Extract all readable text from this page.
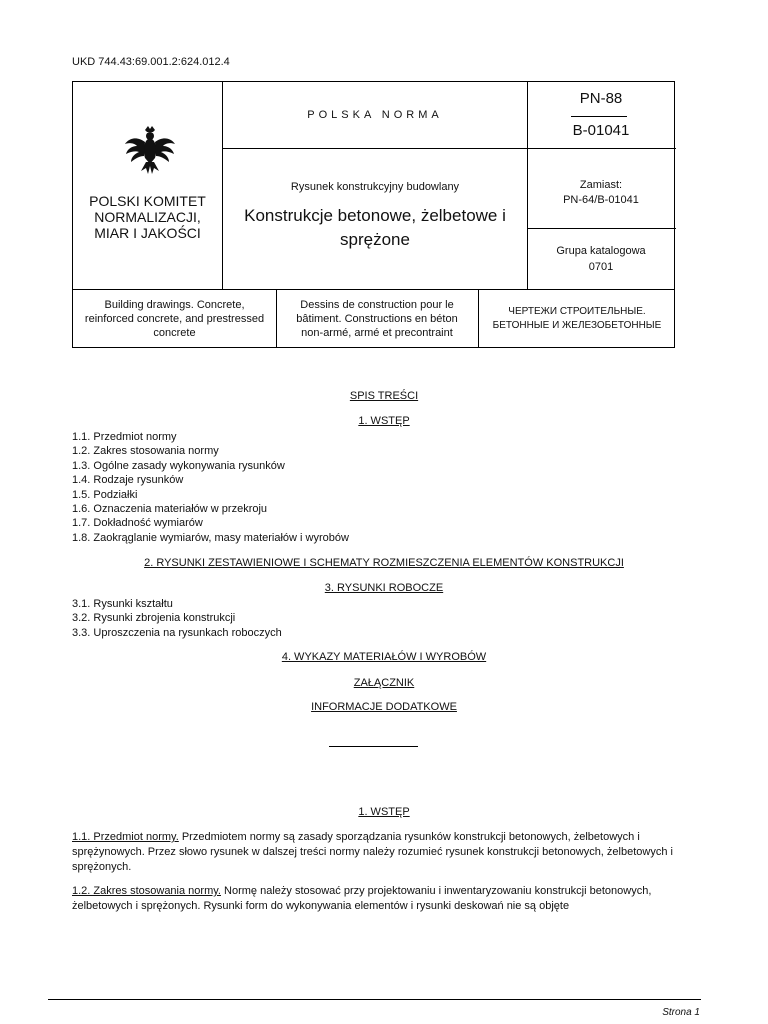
UKD 744.43:69.001.2:624.012.4
POLSKI KOMITET
NORMALIZACJI,
MIAR I JAKOŚCI
POLSKA NORMA
Rysunek konstrukcyjny budowlany
Konstrukcje betonowe, żelbetowe i
sprężone
PN-88
B-01041
Zamiast:
PN-64/B-01041
Grupa katalogowa
0701
Building drawings. Concrete,
reinforced concrete, and prestressed
concrete
Dessins de construction pour le
bâtiment. Constructions en béton
non-armé, armé et precontraint
ЧЕРТЕЖИ СТРОИТЕЛЬНЫЕ.
БЕТОННЫЕ И ЖЕЛЕЗОБЕТОННЫЕ
SPIS TREŚCI
1. WSTĘP
1.1. Przedmiot normy
1.2. Zakres stosowania normy
1.3. Ogólne zasady wykonywania rysunków
1.4. Rodzaje rysunków
1.5. Podziałki
1.6. Oznaczenia materiałów w przekroju
1.7. Dokładność wymiarów
1.8. Zaokrąglanie wymiarów, masy materiałów i wyrobów
2. RYSUNKI ZESTAWIENIOWE I SCHEMATY ROZMIESZCZENIA ELEMENTÓW KONSTRUKCJI
3. RYSUNKI ROBOCZE
3.1. Rysunki kształtu
3.2. Rysunki zbrojenia konstrukcji
3.3. Uproszczenia na rysunkach roboczych
4. WYKAZY MATERIAŁÓW I WYROBÓW
ZAŁĄCZNIK
INFORMACJE DODATKOWE
1. WSTĘP
1.1. Przedmiot normy. Przedmiotem normy są zasady sporządzania rysunków konstrukcji betonowych, żelbetowych i sprężynowych. Przez słowo rysunek w dalszej treści normy należy rozumieć rysunek konstrukcji betonowych, żelbetowych i sprężonych.
1.2. Zakres stosowania normy. Normę należy stosować przy projektowaniu i inwentaryzowaniu konstrukcji betonowych, żelbetowych i sprężonych. Rysunki form do wykonywania elementów i rysunki deskowań nie są objęte
Strona 1
